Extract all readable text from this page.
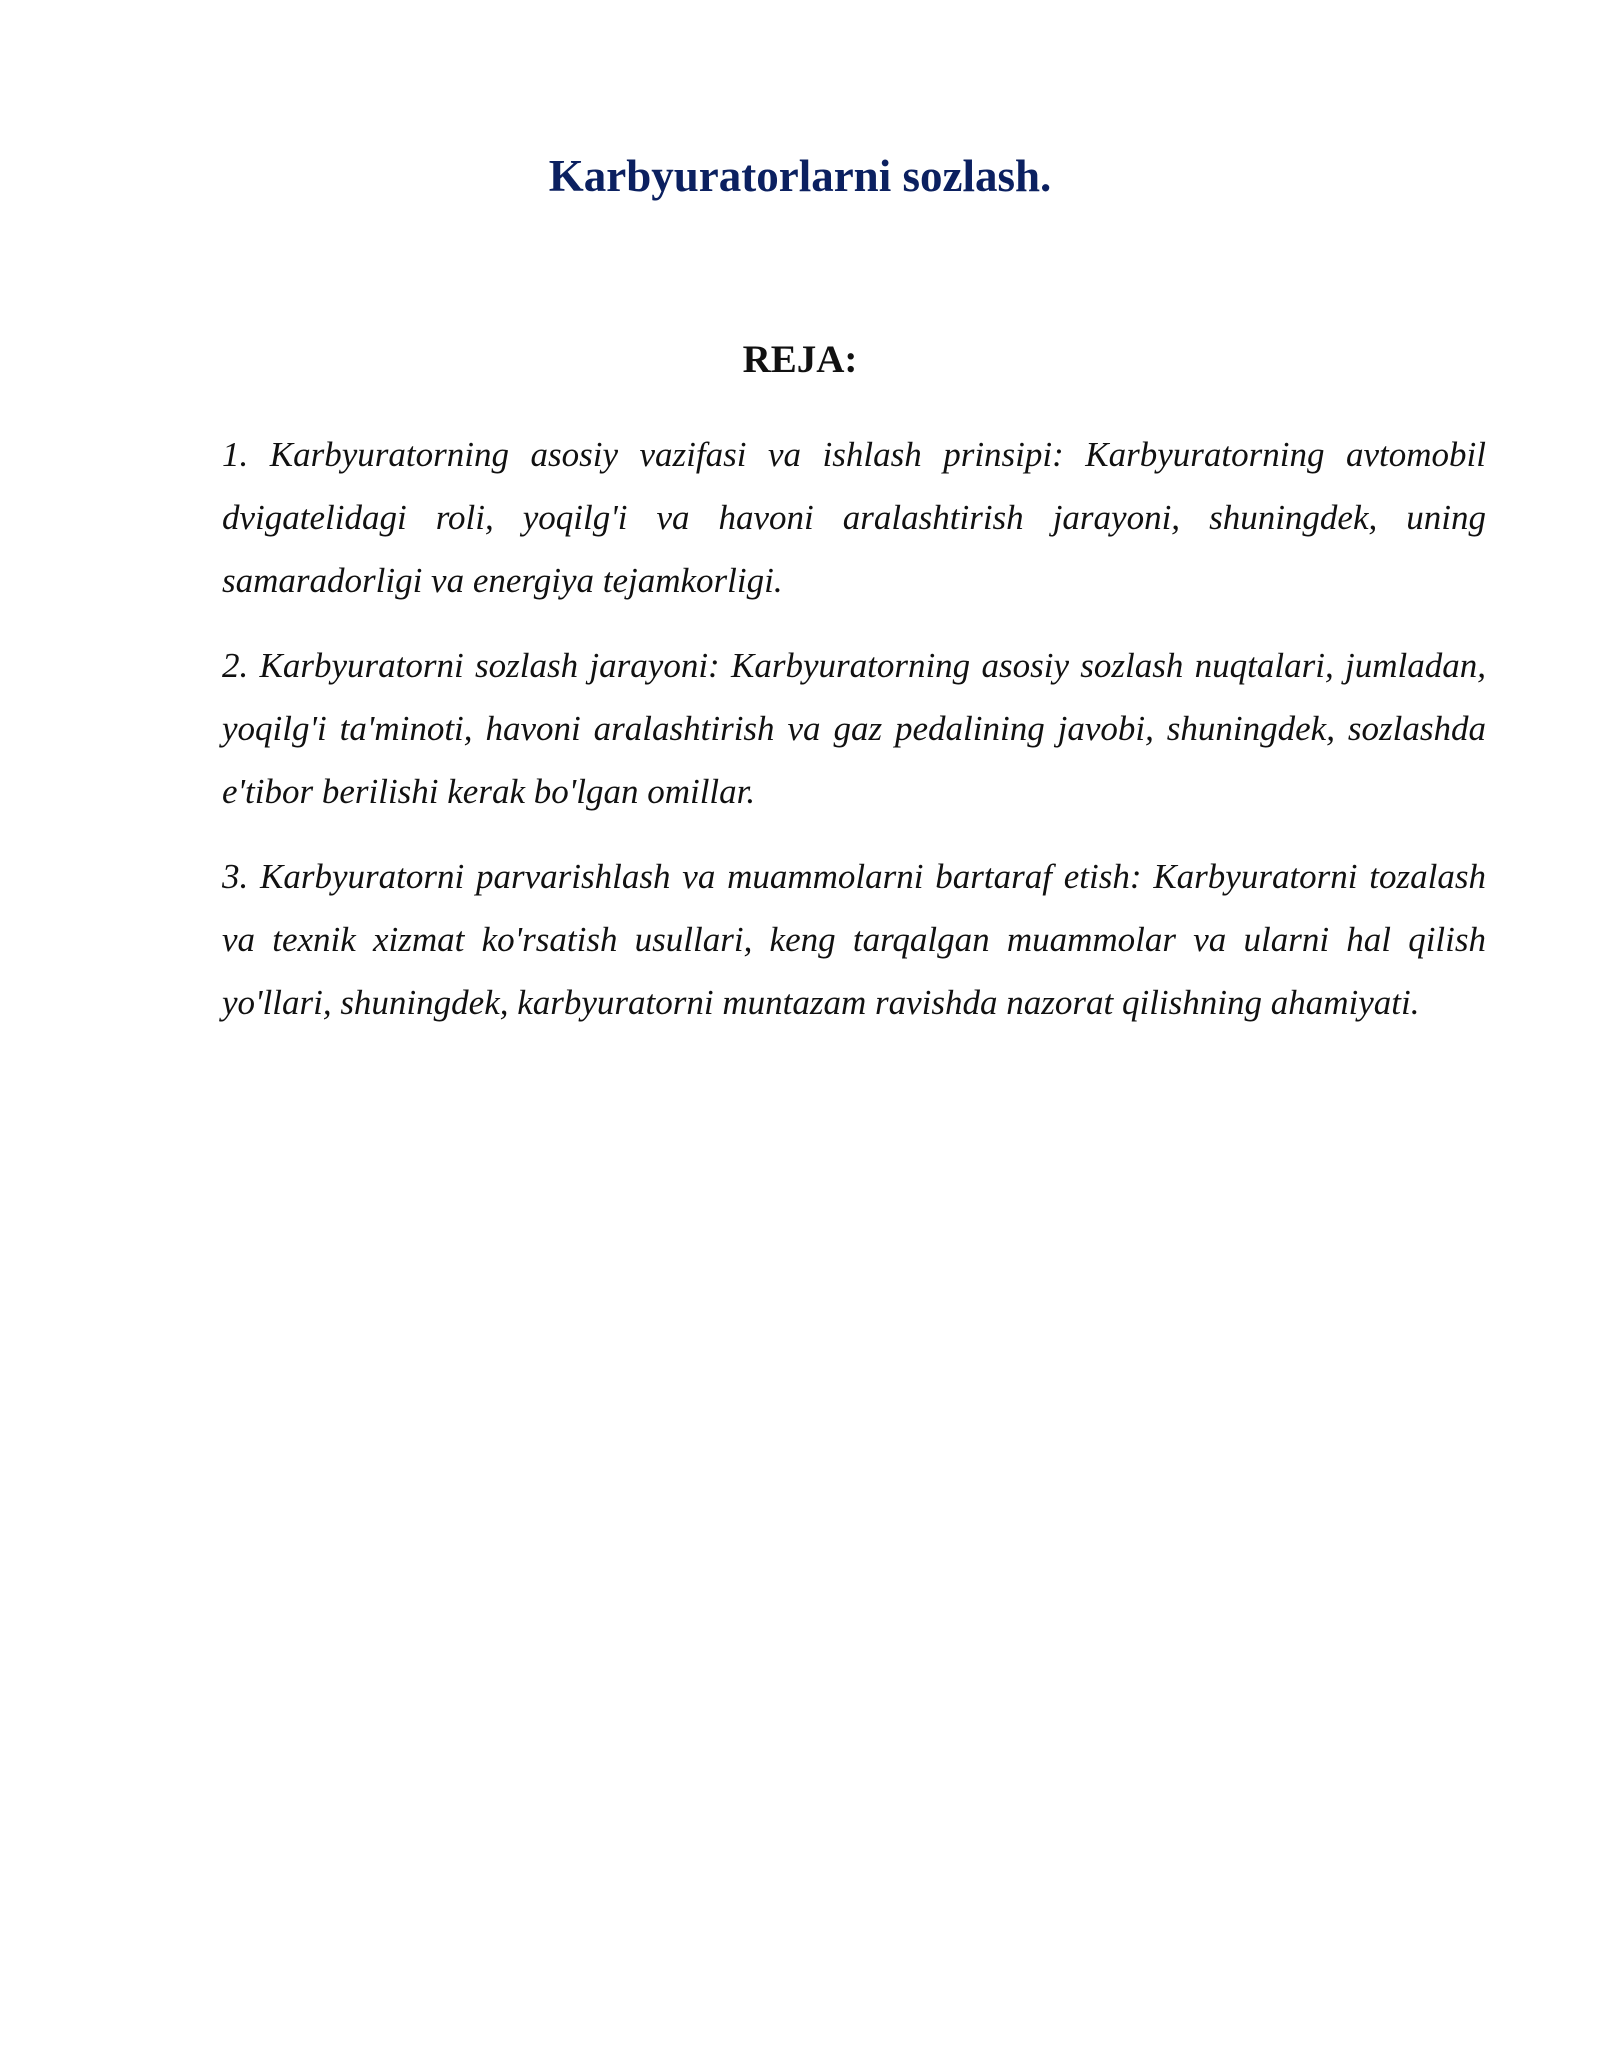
Karbyuratorlarni sozlash.
REJA:
1. Karbyuratorning asosiy vazifasi va ishlash prinsipi: Karbyuratorning avtomobil dvigatelidagi roli, yoqilg'i va havoni aralashtirish jarayoni, shuningdek, uning samaradorligi va energiya tejamkorligi.
2. Karbyuratorni sozlash jarayoni: Karbyuratorning asosiy sozlash nuqtalari, jumladan, yoqilg'i ta'minoti, havoni aralashtirish va gaz pedalining javobi, shuningdek, sozlashda e'tibor berilishi kerak bo'lgan omillar.
3. Karbyuratorni parvarishlash va muammolarni bartaraf etish: Karbyuratorni tozalash va texnik xizmat ko'rsatish usullari, keng tarqalgan muammolar va ularni hal qilish yo'llari, shuningdek, karbyuratorni muntazam ravishda nazorat qilishning ahamiyati.
